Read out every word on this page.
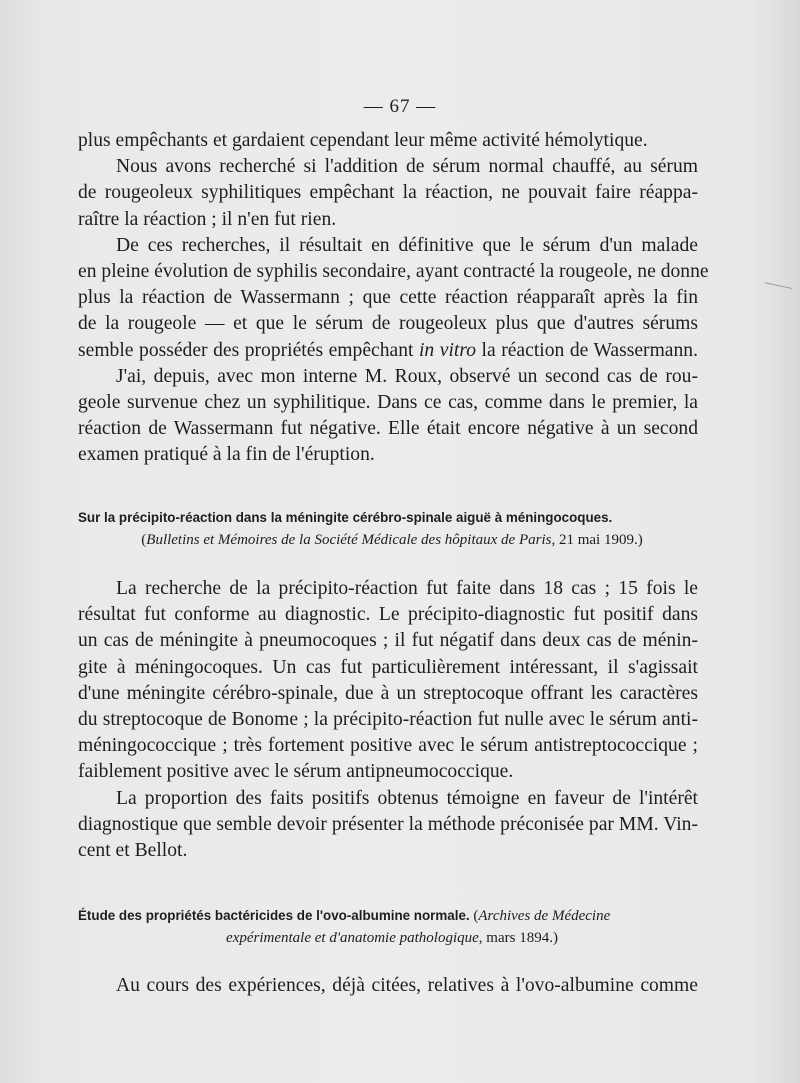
— 67 —
plus empêchants et gardaient cependant leur même activité hémolytique.
Nous avons recherché si l'addition de sérum normal chauffé, au sérum
de rougeoleux syphilitiques empêchant la réaction, ne pouvait faire réappa-
raître la réaction ; il n'en fut rien.
De ces recherches, il résultait en définitive que le sérum d'un malade
en pleine évolution de syphilis secondaire, ayant contracté la rougeole, ne donne
plus la réaction de Wassermann ; que cette réaction réapparaît après la fin
de la rougeole — et que le sérum de rougeoleux plus que d'autres sérums
semble posséder des propriétés empêchant in vitro la réaction de Wassermann.
J'ai, depuis, avec mon interne M. Roux, observé un second cas de rou-
geole survenue chez un syphilitique. Dans ce cas, comme dans le premier, la
réaction de Wassermann fut négative. Elle était encore négative à un second
examen pratiqué à la fin de l'éruption.
Sur la précipito-réaction dans la méningite cérébro-spinale aiguë à méningocoques.
(Bulletins et Mémoires de la Société Médicale des hôpitaux de Paris, 21 mai 1909.)
La recherche de la précipito-réaction fut faite dans 18 cas ; 15 fois le
résultat fut conforme au diagnostic. Le précipito-diagnostic fut positif dans
un cas de méningite à pneumocoques ; il fut négatif dans deux cas de ménin-
gite à méningocoques. Un cas fut particulièrement intéressant, il s'agissait
d'une méningite cérébro-spinale, due à un streptocoque offrant les caractères
du streptocoque de Bonome ; la précipito-réaction fut nulle avec le sérum anti-
méningococcique ; très fortement positive avec le sérum antistreptococcique ;
faiblement positive avec le sérum antipneumococcique.
La proportion des faits positifs obtenus témoigne en faveur de l'intérêt
diagnostique que semble devoir présenter la méthode préconisée par MM. Vin-
cent et Bellot.
Étude des propriétés bactéricides de l'ovo-albumine normale. (Archives de Médecine
expérimentale et d'anatomie pathologique, mars 1894.)
Au cours des expériences, déjà citées, relatives à l'ovo-albumine comme
